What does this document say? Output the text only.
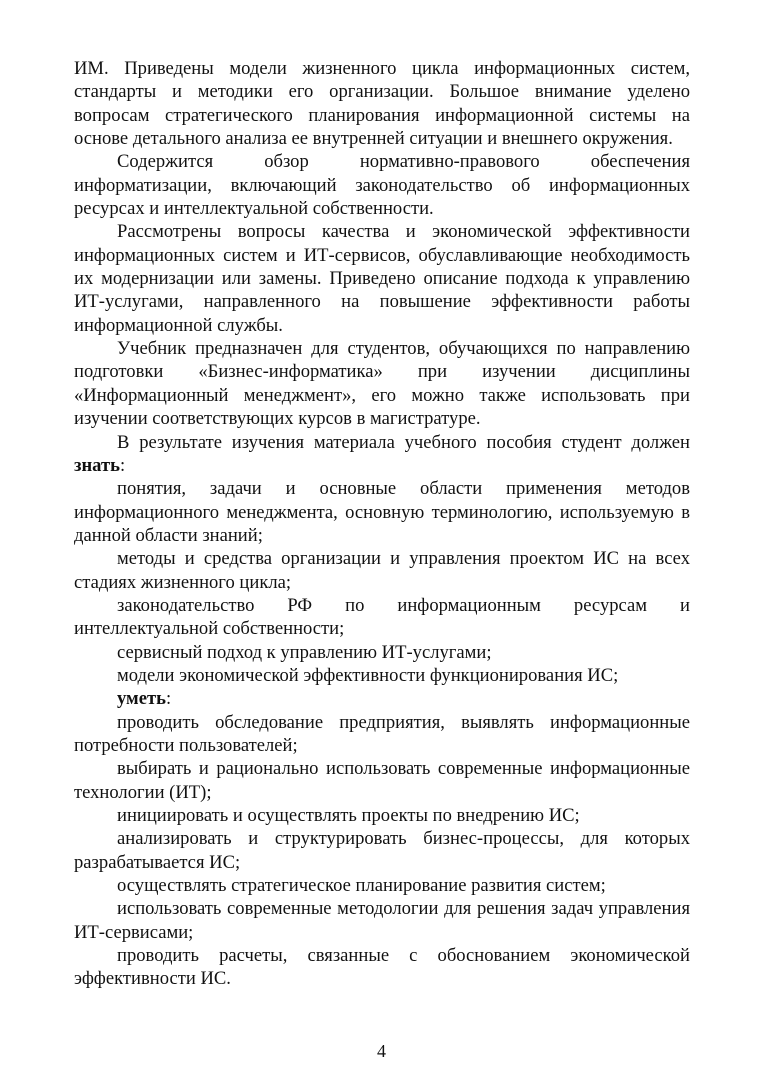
ИМ. Приведены модели жизненного цикла информационных систем, стандарты и методики его организации. Большое внимание уделено вопросам стратегического планирования информационной системы на основе детального анализа ее внутренней ситуации и внешнего окружения.

Содержится обзор нормативно-правового обеспечения информатизации, включающий законодательство об информационных ресурсах и интеллектуальной собственности.

Рассмотрены вопросы качества и экономической эффективности информационных систем и ИТ-сервисов, обуславливающие необходимость их модернизации или замены. Приведено описание подхода к управлению ИТ-услугами, направленного на повышение эффективности работы информационной службы.

Учебник предназначен для студентов, обучающихся по направлению подготовки «Бизнес-информатика» при изучении дисциплины «Информационный менеджмент», его можно также использовать при изучении соответствующих курсов в магистратуре.

В результате изучения материала учебного пособия студент должен знать:

понятия, задачи и основные области применения методов информационного менеджмента, основную терминологию, используемую в данной области знаний;

методы и средства организации и управления проектом ИС на всех стадиях жизненного цикла;

законодательство РФ по информационным ресурсам и интеллектуальной собственности;

сервисный подход к управлению ИТ-услугами;

модели экономической эффективности функционирования ИС;

уметь:

проводить обследование предприятия, выявлять информационные потребности пользователей;

выбирать и рационально использовать современные информационные технологии (ИТ);

инициировать и осуществлять проекты по внедрению ИС;

анализировать и структурировать бизнес-процессы, для которых разрабатывается ИС;

осуществлять стратегическое планирование развития систем;

использовать современные методологии для решения задач управления ИТ-сервисами;

проводить расчеты, связанные с обоснованием экономической эффективности ИС.

4
